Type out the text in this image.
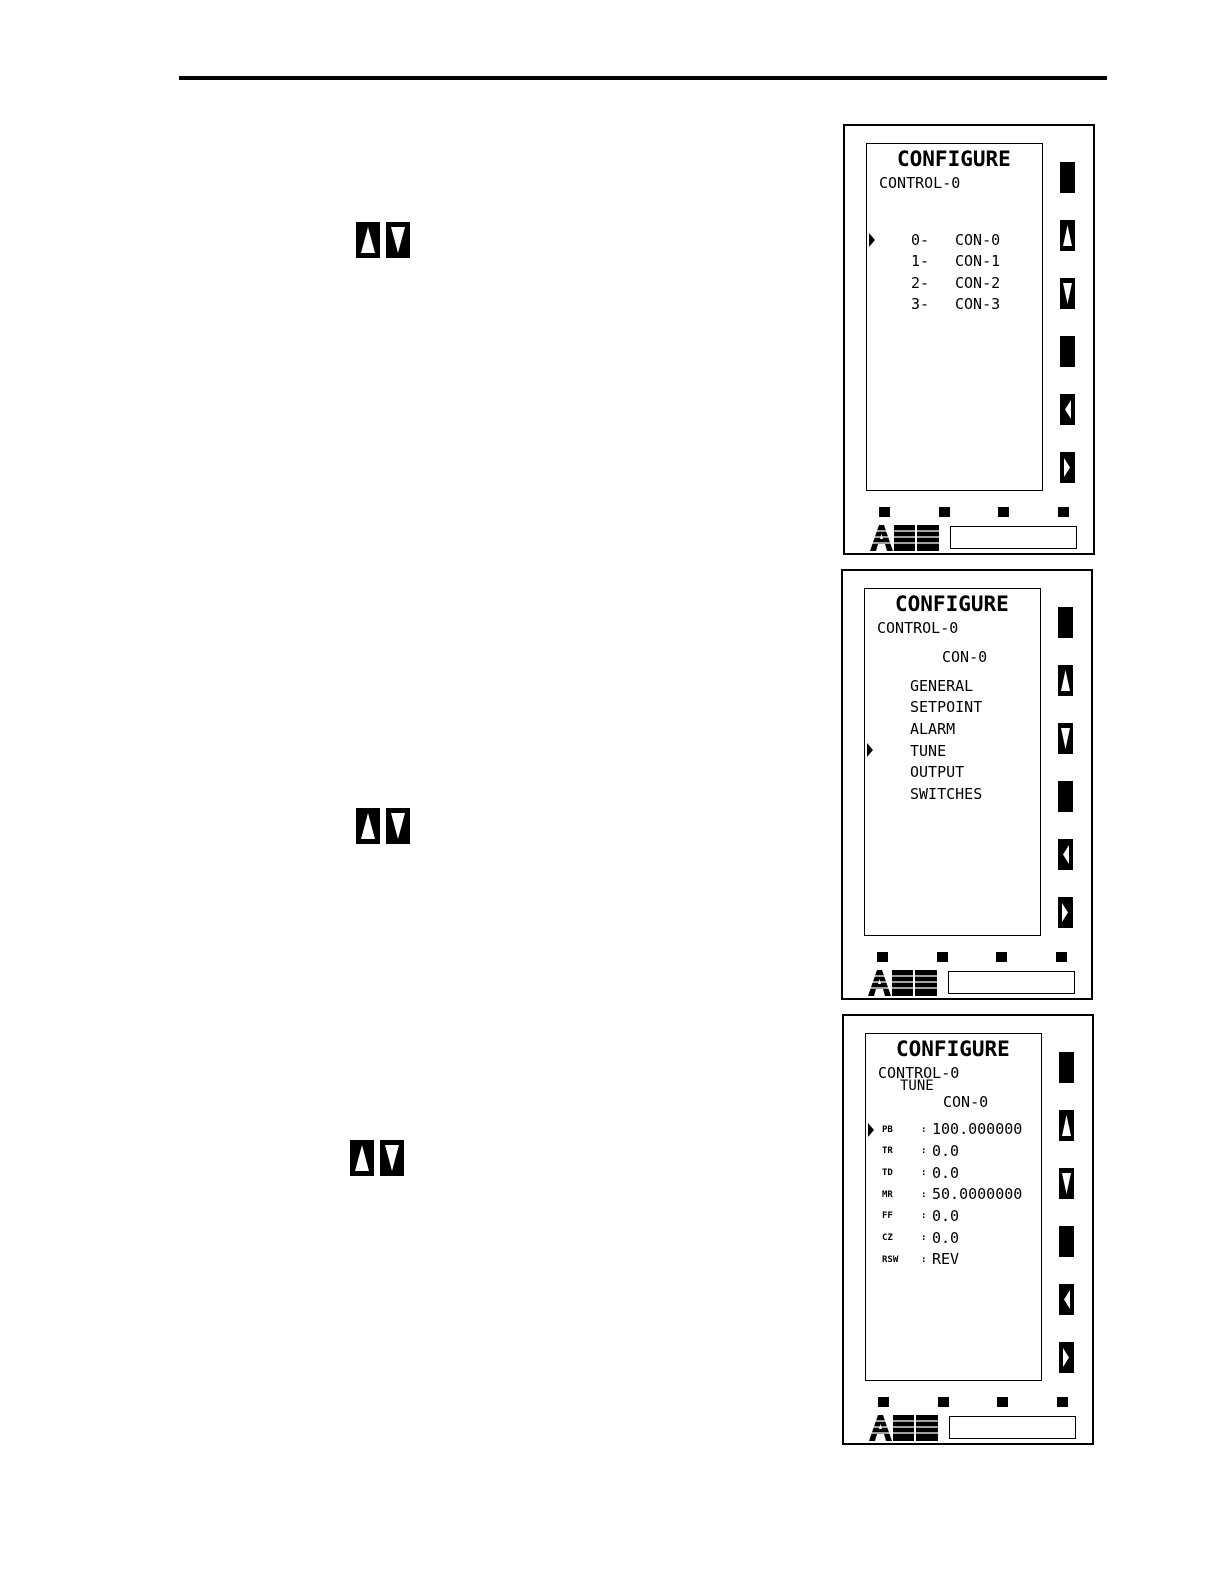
CONFIGURE
CONTROL-0
0- CON-0
1- CON-1
2- CON-2
3- CON-3
CONFIGURE
CONTROL-0
CON-0
GENERAL
SETPOINT
ALARM
TUNE
OUTPUT
SWITCHES
CONFIGURE
CONTROL-0
TUNE
CON-0
PB	: 100.000000
TR	: 0.0
TD	: 0.0
MR	: 50.0000000
FF	: 0.0
CZ	: 0.0
RSW	: REV
